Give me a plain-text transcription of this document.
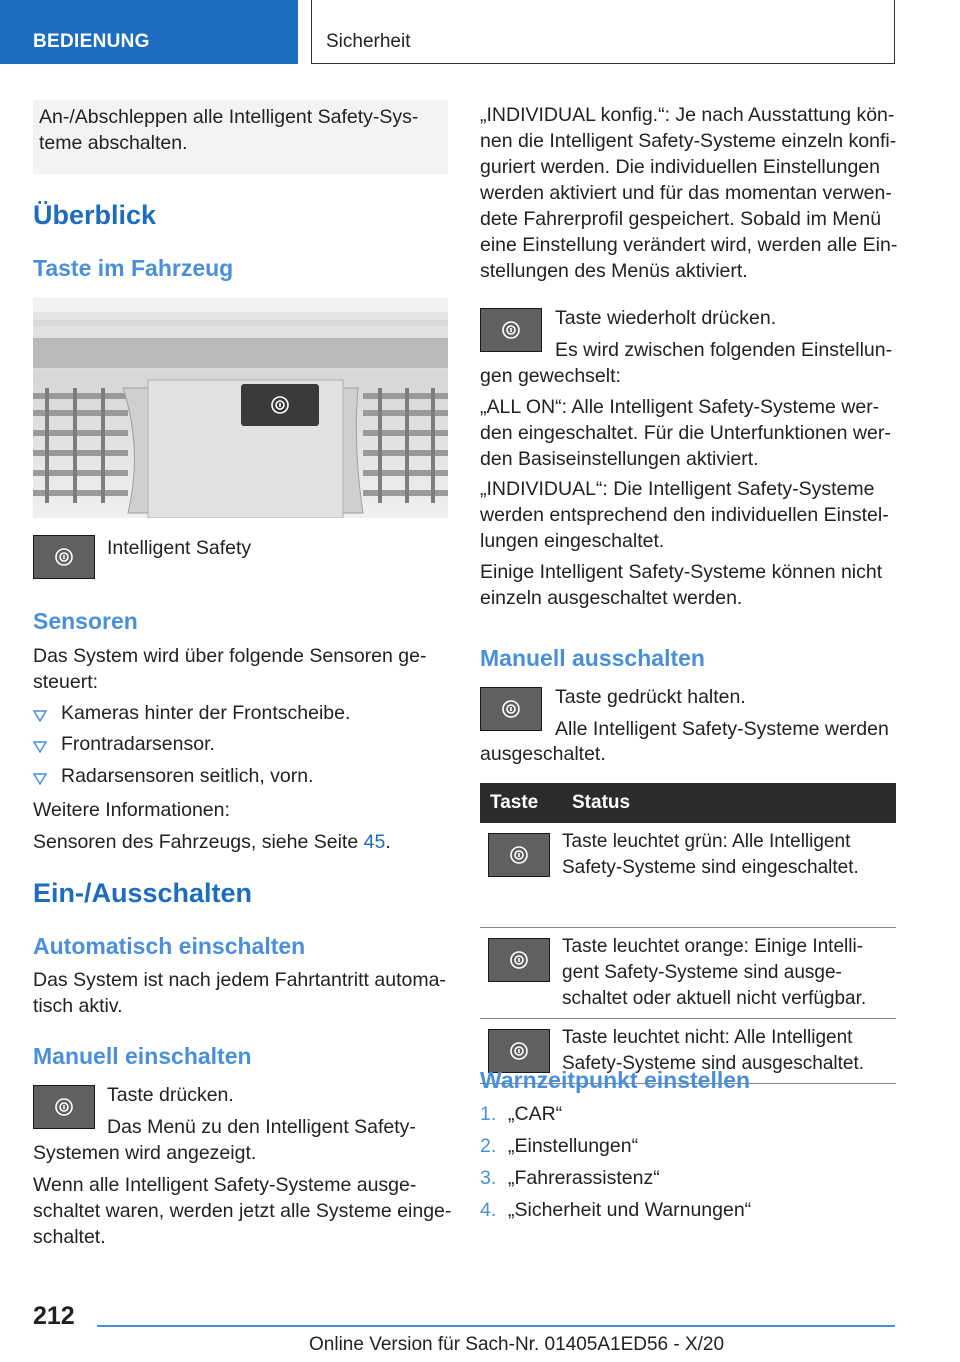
BEDIENUNG	Sicherheit

An-/Abschleppen alle Intelligent Safety-Sys-
teme abschalten.

Überblick
Taste im Fahrzeug

Intelligent Safety

Sensoren

Das System wird über folgende Sensoren ge-
steuert:

Kameras hinter der Frontscheibe.
Frontradarsensor.
Radarsensoren seitlich, vorn.

Weitere Informationen:

Sensoren des Fahrzeugs, siehe Seite 45.

Ein-/Ausschalten
Automatisch einschalten

Das System ist nach jedem Fahrtantritt automa-
tisch aktiv.

Manuell einschalten

Taste drücken.

Das Menü zu den Intelligent Safety-

Systemen wird angezeigt.

Wenn alle Intelligent Safety-Systeme ausge-
schaltet waren, werden jetzt alle Systeme einge-
schaltet.

„INDIVIDUAL konfig.“: Je nach Ausstattung kön-
nen die Intelligent Safety-Systeme einzeln konfi-
guriert werden. Die individuellen Einstellungen
werden aktiviert und für das momentan verwen-
dete Fahrerprofil gespeichert. Sobald im Menü
eine Einstellung verändert wird, werden alle Ein-
stellungen des Menüs aktiviert.

Taste wiederholt drücken.

Es wird zwischen folgenden Einstellun-

gen gewechselt:

„ALL ON“: Alle Intelligent Safety-Systeme wer-
den eingeschaltet. Für die Unterfunktionen wer-
den Basiseinstellungen aktiviert.

„INDIVIDUAL“: Die Intelligent Safety-Systeme
werden entsprechend den individuellen Einstel-
lungen eingeschaltet.

Einige Intelligent Safety-Systeme können nicht
einzeln ausgeschaltet werden.

Manuell ausschalten

Taste gedrückt halten.

Alle Intelligent Safety-Systeme werden

ausgeschaltet.

Taste	Status

	Taste leuchtet grün: Alle Intelligent
Safety-Systeme sind eingeschaltet.

	Taste leuchtet orange: Einige Intelli-
gent Safety-Systeme sind ausge-
schaltet oder aktuell nicht verfügbar.

	Taste leuchtet nicht: Alle Intelligent
Safety-Systeme sind ausgeschaltet.
Warnzeitpunkt einstellen
1. „CAR“
2. „Einstellungen“
3. „Fahrerassistenz“
4. „Sicherheit und Warnungen“
212
Online Version für Sach-Nr. 01405A1ED56 - X/20
